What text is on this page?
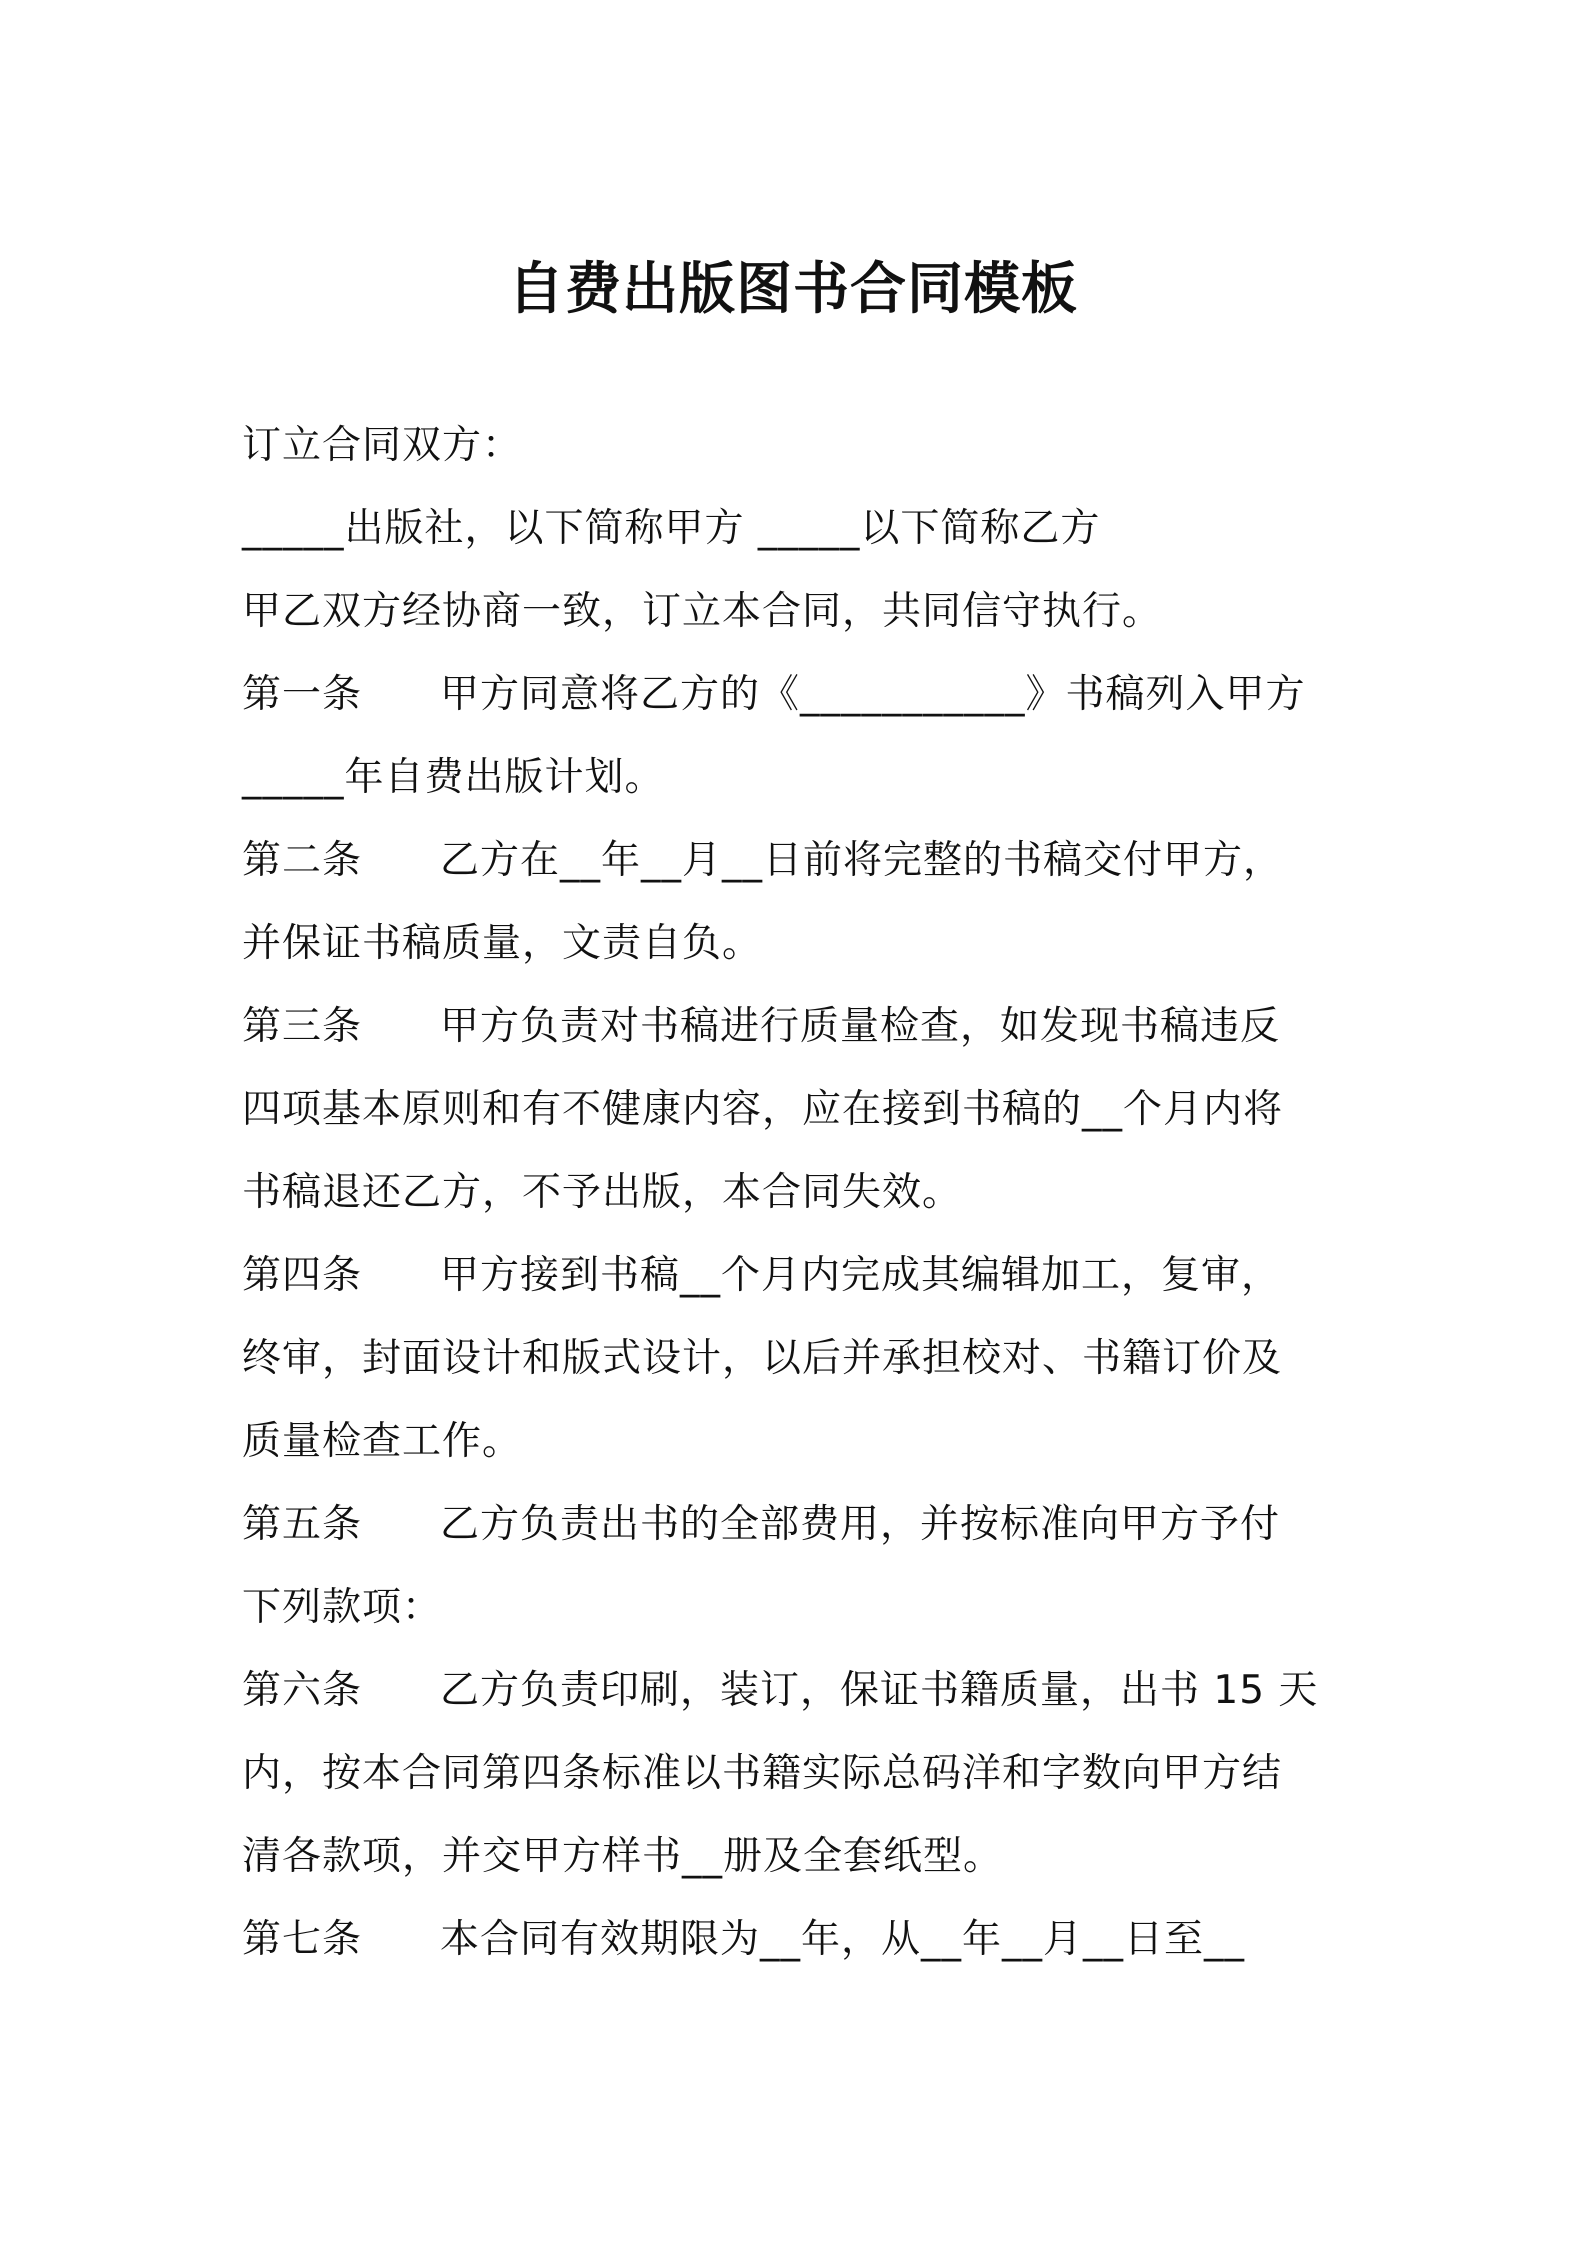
自费出版图书合同模板
订立合同双方：
_____出版社，以下简称甲方 _____以下简称乙方
甲乙双方经协商一致，订立本合同，共同信守执行。
第一条 甲方同意将乙方的《___________》书稿列入甲方
_____年自费出版计划。
第二条 乙方在__年__月__日前将完整的书稿交付甲方，
并保证书稿质量，文责自负。
第三条 甲方负责对书稿进行质量检查，如发现书稿违反
四项基本原则和有不健康内容，应在接到书稿的__个月内将
书稿退还乙方，不予出版，本合同失效。
第四条 甲方接到书稿__个月内完成其编辑加工，复审，
终审，封面设计和版式设计，以后并承担校对、书籍订价及
质量检查工作。
第五条 乙方负责出书的全部费用，并按标准向甲方予付
下列款项：
第六条 乙方负责印刷，装订，保证书籍质量，出书 15 天
内，按本合同第四条标准以书籍实际总码洋和字数向甲方结
清各款项，并交甲方样书__册及全套纸型。
第七条 本合同有效期限为__年，从__年__月__日至__
